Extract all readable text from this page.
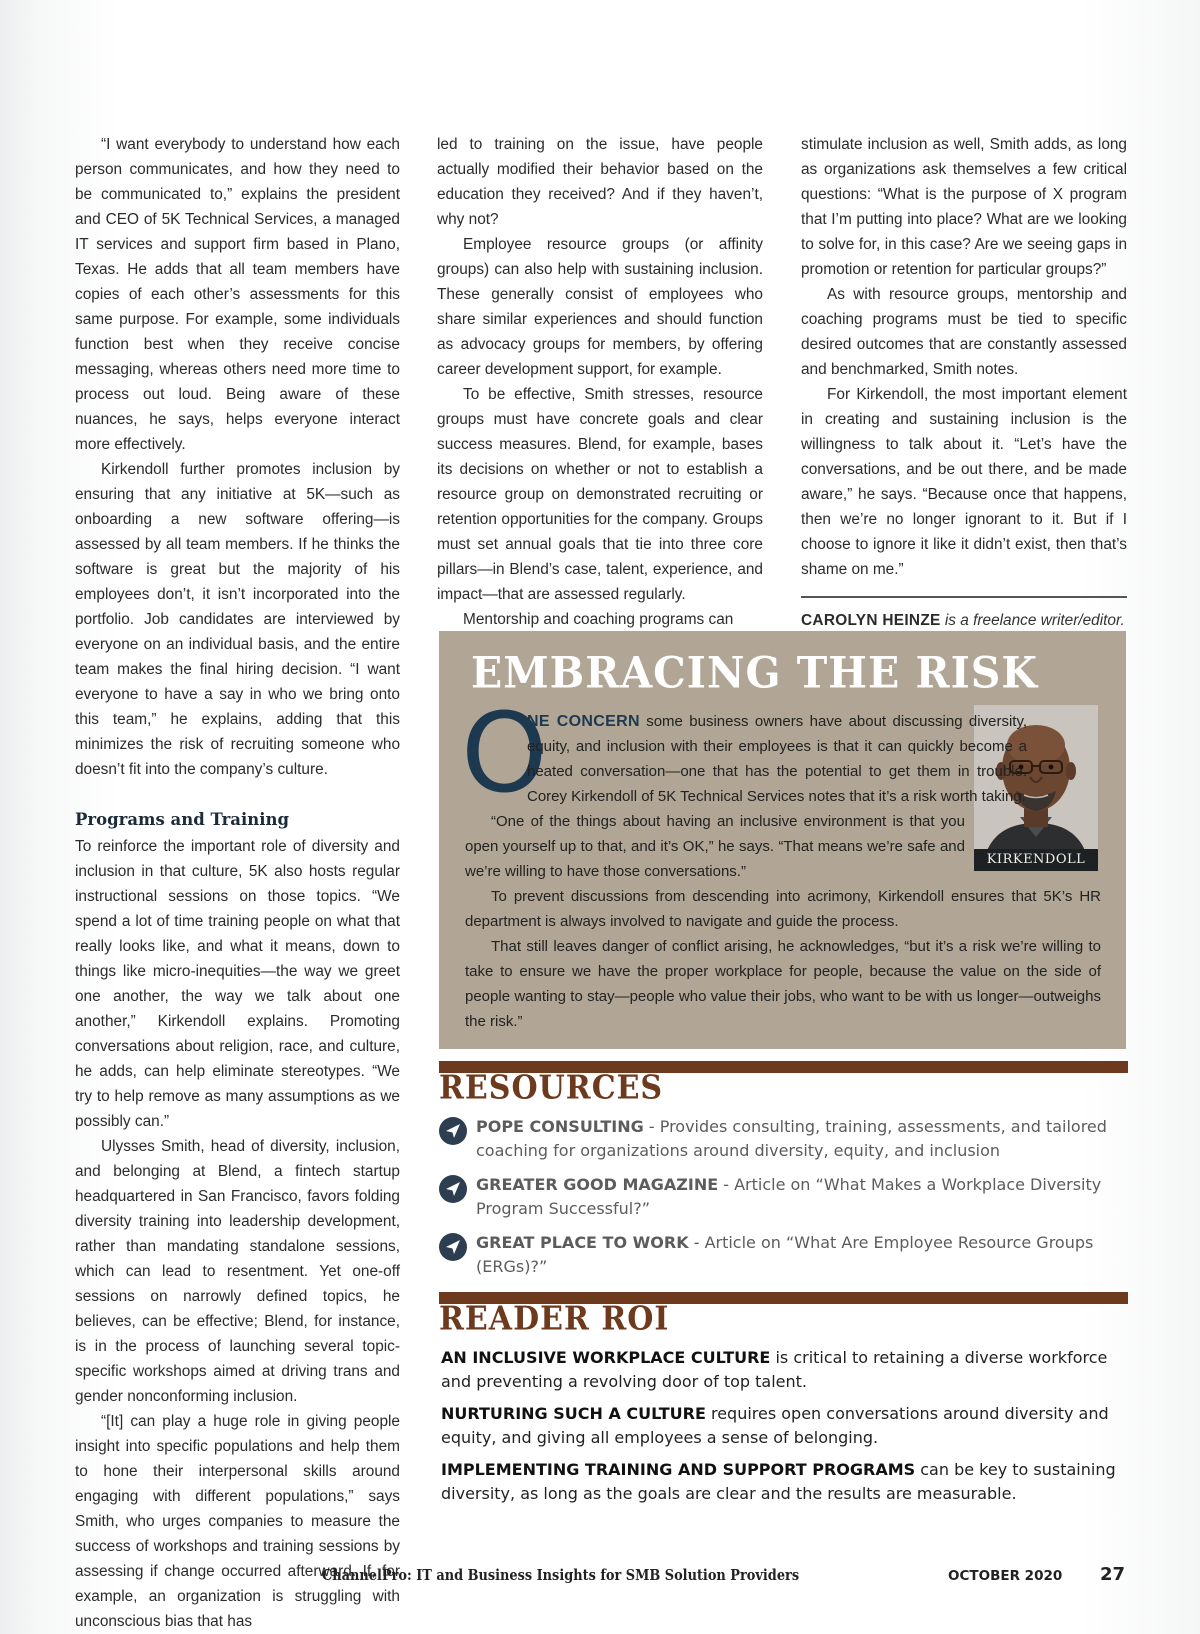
“I want everybody to understand how each person communicates, and how they need to be communicated to,” explains the president and CEO of 5K Technical Services, a managed IT services and support firm based in Plano, Texas. He adds that all team members have copies of each other’s assessments for this same purpose. For example, some individuals function best when they receive concise messaging, whereas others need more time to process out loud. Being aware of these nuances, he says, helps everyone interact more effectively.

Kirkendoll further promotes inclusion by ensuring that any initiative at 5K—such as onboarding a new software offering—is assessed by all team members. If he thinks the software is great but the majority of his employees don’t, it isn’t incorporated into the portfolio. Job candidates are interviewed by everyone on an individual basis, and the entire team makes the final hiring decision. “I want everyone to have a say in who we bring onto this team,” he explains, adding that this minimizes the risk of recruiting someone who doesn’t fit into the company’s culture.

Programs and Training

To reinforce the important role of diversity and inclusion in that culture, 5K also hosts regular instructional sessions on those topics. “We spend a lot of time training people on what that really looks like, and what it means, down to things like micro-inequities—the way we greet one another, the way we talk about one another,” Kirkendoll explains. Promoting conversations about religion, race, and culture, he adds, can help eliminate stereotypes. “We try to help remove as many assumptions as we possibly can.”

Ulysses Smith, head of diversity, inclusion, and belonging at Blend, a fintech startup headquartered in San Francisco, favors folding diversity training into leadership development, rather than mandating standalone sessions, which can lead to resentment. Yet one-off sessions on narrowly defined topics, he believes, can be effective; Blend, for instance, is in the process of launching several topic-specific workshops aimed at driving trans and gender nonconforming inclusion.

“[It] can play a huge role in giving people insight into specific populations and help them to hone their interpersonal skills around engaging with different populations,” says Smith, who urges companies to measure the success of workshops and training sessions by assessing if change occurred afterward. If, for example, an organization is struggling with unconscious bias that has

led to training on the issue, have people actually modified their behavior based on the education they received? And if they haven’t, why not?

Employee resource groups (or affinity groups) can also help with sustaining inclusion. These generally consist of employees who share similar experiences and should function as advocacy groups for members, by offering career development support, for example.

To be effective, Smith stresses, resource groups must have concrete goals and clear success measures. Blend, for example, bases its decisions on whether or not to establish a resource group on demonstrated recruiting or retention opportunities for the company. Groups must set annual goals that tie into three core pillars—in Blend’s case, talent, experience, and impact—that are assessed regularly.

Mentorship and coaching programs can

stimulate inclusion as well, Smith adds, as long as organizations ask themselves a few critical questions: “What is the purpose of X program that I’m putting into place? What are we looking to solve for, in this case? Are we seeing gaps in promotion or retention for particular groups?”

As with resource groups, mentorship and coaching programs must be tied to specific desired outcomes that are constantly assessed and benchmarked, Smith notes.

For Kirkendoll, the most important element in creating and sustaining inclusion is the willingness to talk about it. “Let’s have the conversations, and be out there, and be made aware,” he says. “Because once that happens, then we’re no longer ignorant to it. But if I choose to ignore it like it didn’t exist, then that’s shame on me.”

CAROLYN HEINZE is a freelance writer/editor.

EMBRACING THE RISK
O
KIRKENDOLL

NE CONCERN some business owners have about discussing diversity, equity, and inclusion with their employees is that it can quickly become a heated conversation—one that has the potential to get them in trouble. Corey Kirkendoll of 5K Technical Services notes that it’s a risk worth taking.

“One of the things about having an inclusive environment is that you open yourself up to that, and it’s OK,” he says. “That means we’re safe and we’re willing to have those conversations.”

To prevent discussions from descending into acrimony, Kirkendoll ensures that 5K’s HR department is always involved to navigate and guide the process.

That still leaves danger of conflict arising, he acknowledges, “but it’s a risk we’re willing to take to ensure we have the proper workplace for people, because the value on the side of people wanting to stay—people who value their jobs, who want to be with us longer—outweighs the risk.”

RESOURCES
POPE CONSULTING - Provides consulting, training, assessments, and tailored coaching for organizations around diversity, equity, and inclusion
GREATER GOOD MAGAZINE - Article on “What Makes a Workplace Diversity Program Successful?”
GREAT PLACE TO WORK - Article on “What Are Employee Resource Groups (ERGs)?”
READER ROI

AN INCLUSIVE WORKPLACE CULTURE is critical to retaining a diverse workforce and preventing a revolving door of top talent.

NURTURING SUCH A CULTURE requires open conversations around diversity and equity, and giving all employees a sense of belonging.

IMPLEMENTING TRAINING AND SUPPORT PROGRAMS can be key to sustaining diversity, as long as the goals are clear and the results are measurable.

ChannelPro: IT and Business Insights for SMB Solution Providers	OCTOBER 2020 27
